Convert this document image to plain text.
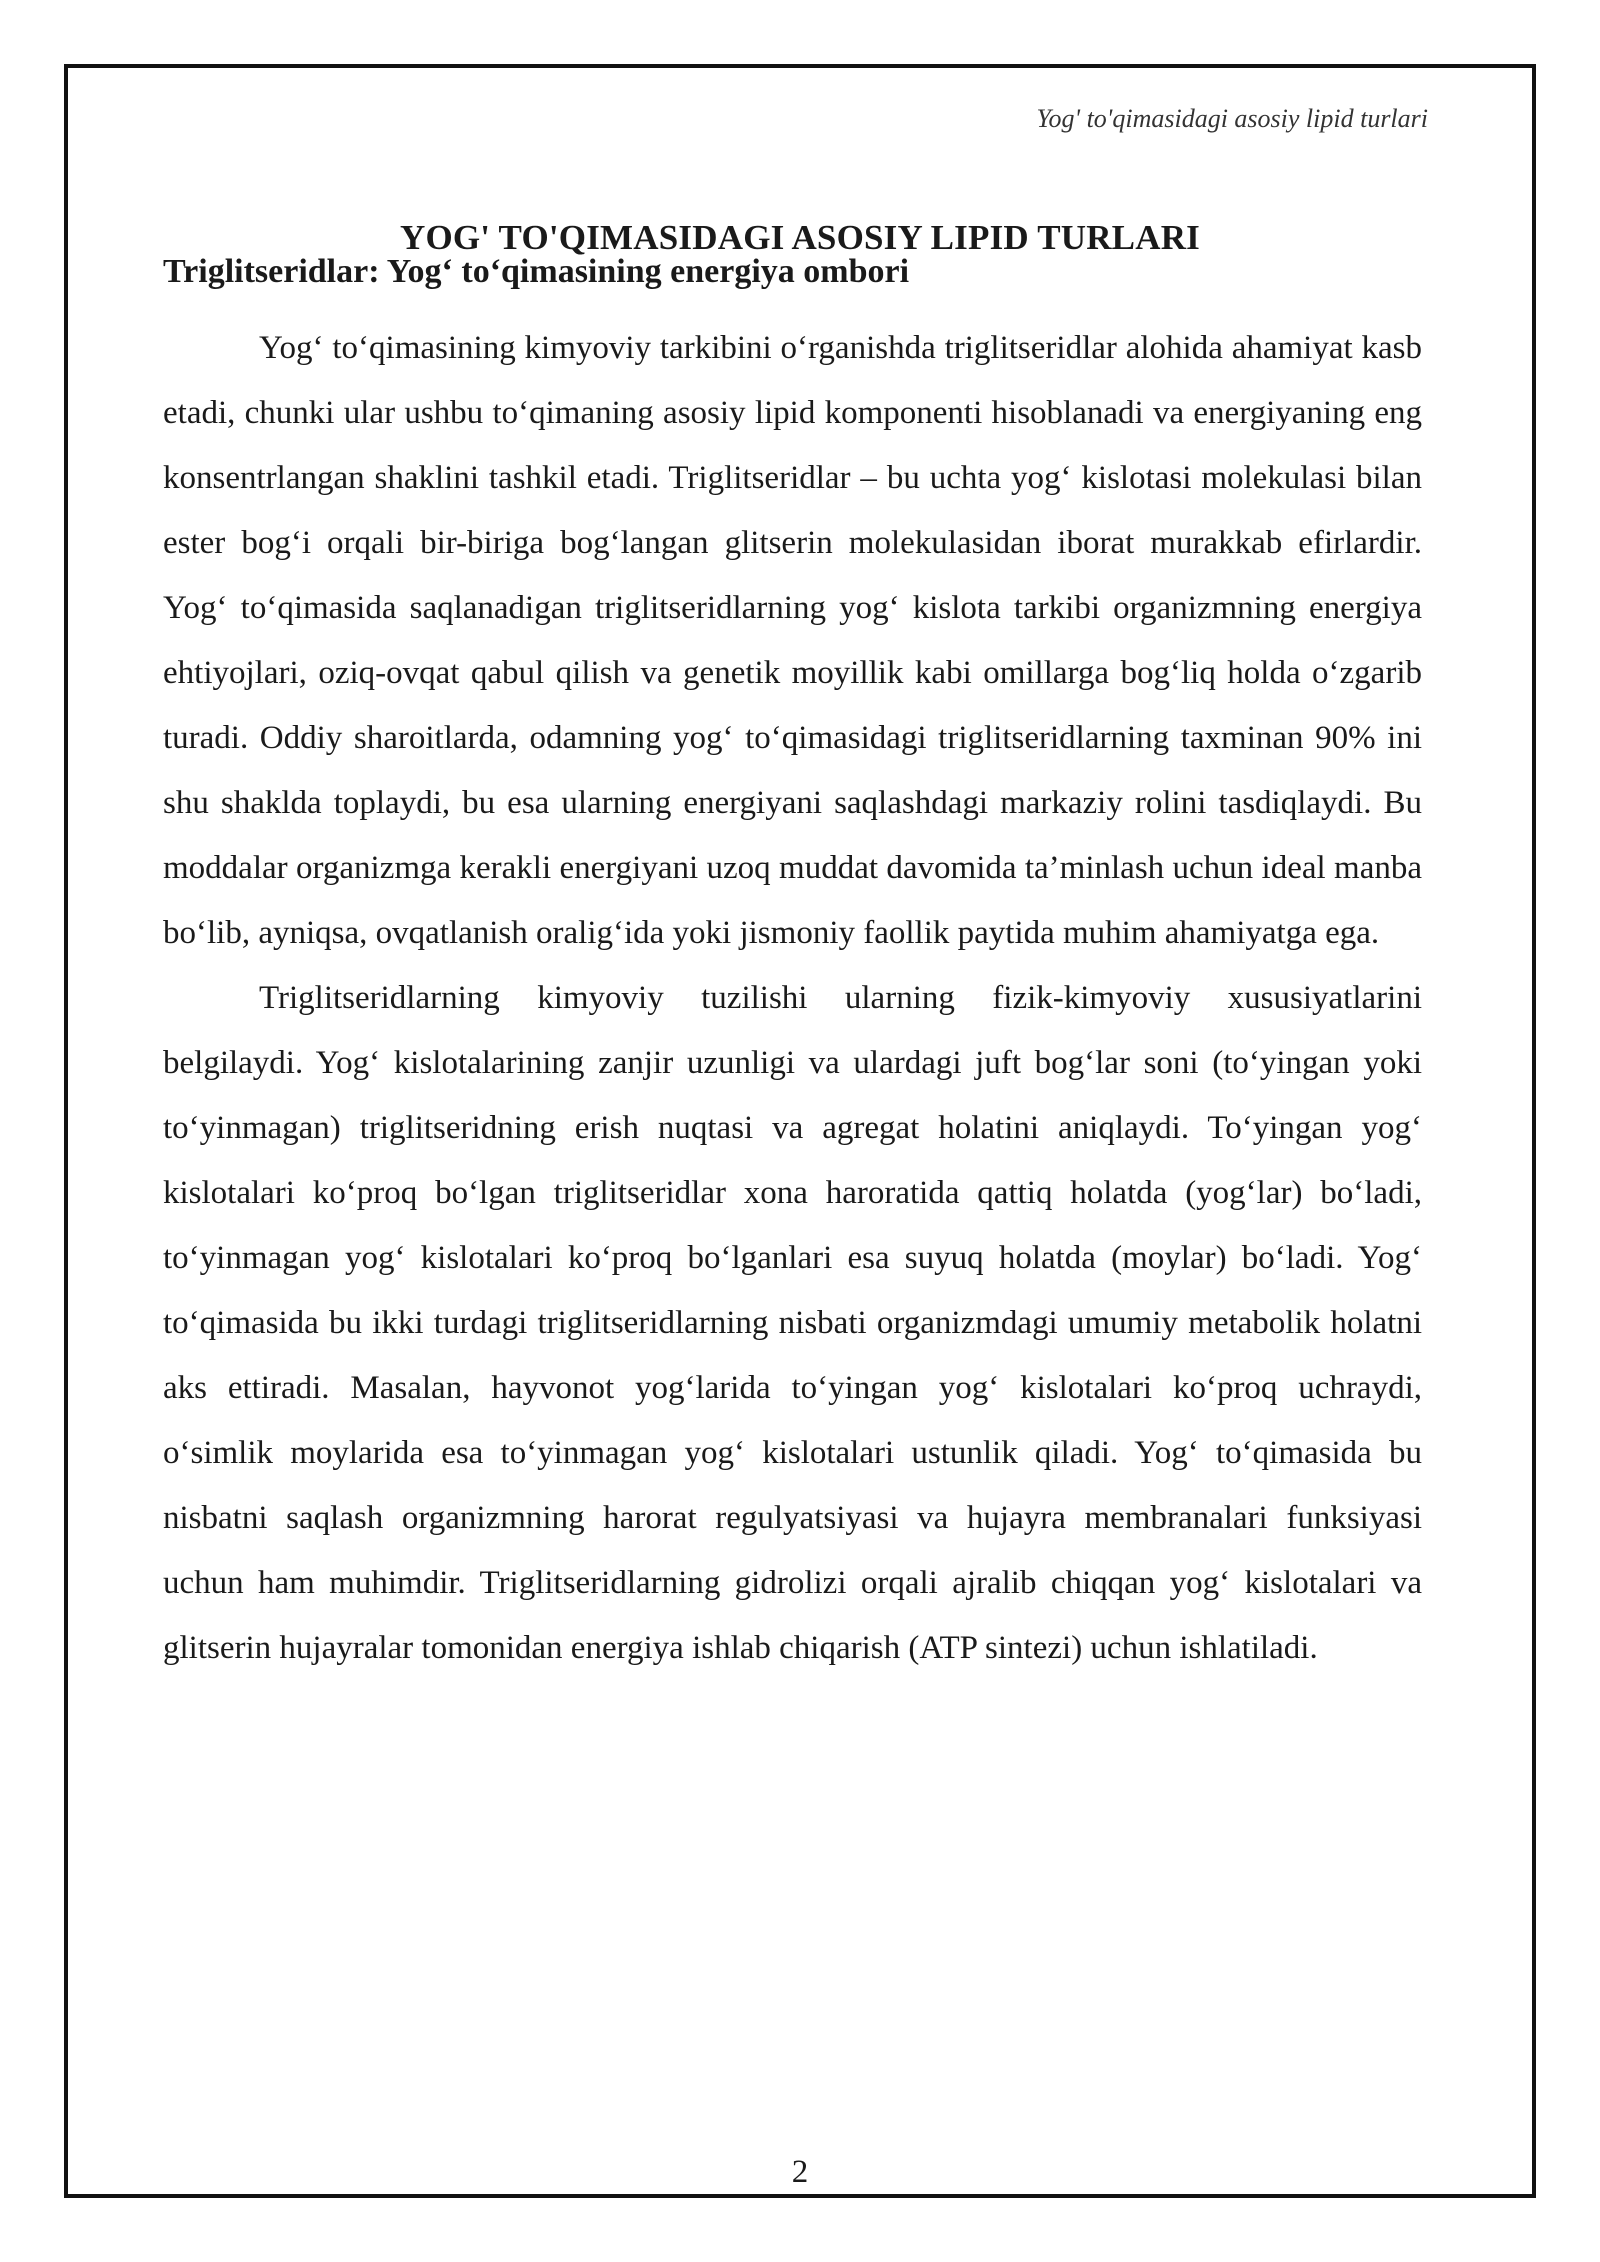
Yog' to'qimasidagi asosiy lipid turlari
YOG' TO'QIMASIDAGI ASOSIY LIPID TURLARI
2
Triglitseridlar: Yog‘ to‘qimasining energiya ombori

Yog‘ to‘qimasining kimyoviy tarkibini o‘rganishda triglitseridlar alohida ahamiyat kasb etadi, chunki ular ushbu to‘qimaning asosiy lipid komponenti hisoblanadi va energiyaning eng konsentrlangan shaklini tashkil etadi. Triglitseridlar – bu uchta yog‘ kislotasi molekulasi bilan ester bog‘i orqali bir-biriga bog‘langan glitserin molekulasidan iborat murakkab efirlardir. Yog‘ to‘qimasida saqlanadigan triglitseridlarning yog‘ kislota tarkibi organizmning energiya ehtiyojlari, oziq-ovqat qabul qilish va genetik moyillik kabi omillarga bog‘liq holda o‘zgarib turadi. Oddiy sharoitlarda, odamning yog‘ to‘qimasidagi triglitseridlarning taxminan 90% ini shu shaklda toplaydi, bu esa ularning energiyani saqlashdagi markaziy rolini tasdiqlaydi. Bu moddalar organizmga kerakli energiyani uzoq muddat davomida ta’minlash uchun ideal manba bo‘lib, ayniqsa, ovqatlanish oralig‘ida yoki jismoniy faollik paytida muhim ahamiyatga ega.

Triglitseridlarning kimyoviy tuzilishi ularning fizik-kimyoviy xususiyatlarini belgilaydi. Yog‘ kislotalarining zanjir uzunligi va ulardagi juft bog‘lar soni (to‘yingan yoki to‘yinmagan) triglitseridning erish nuqtasi va agregat holatini aniqlaydi. To‘yingan yog‘ kislotalari ko‘proq bo‘lgan triglitseridlar xona haroratida qattiq holatda (yog‘lar) bo‘ladi, to‘yinmagan yog‘ kislotalari ko‘proq bo‘lganlari esa suyuq holatda (moylar) bo‘ladi. Yog‘ to‘qimasida bu ikki turdagi triglitseridlarning nisbati organizmdagi umumiy metabolik holatni aks ettiradi. Masalan, hayvonot yog‘larida to‘yingan yog‘ kislotalari ko‘proq uchraydi, o‘simlik moylarida esa to‘yinmagan yog‘ kislotalari ustunlik qiladi. Yog‘ to‘qimasida bu nisbatni saqlash organizmning harorat regulyatsiyasi va hujayra membranalari funksiyasi uchun ham muhimdir. Triglitseridlarning gidrolizi orqali ajralib chiqqan yog‘ kislotalari va glitserin hujayralar tomonidan energiya ishlab chiqarish (ATP sintezi) uchun ishlatiladi.
